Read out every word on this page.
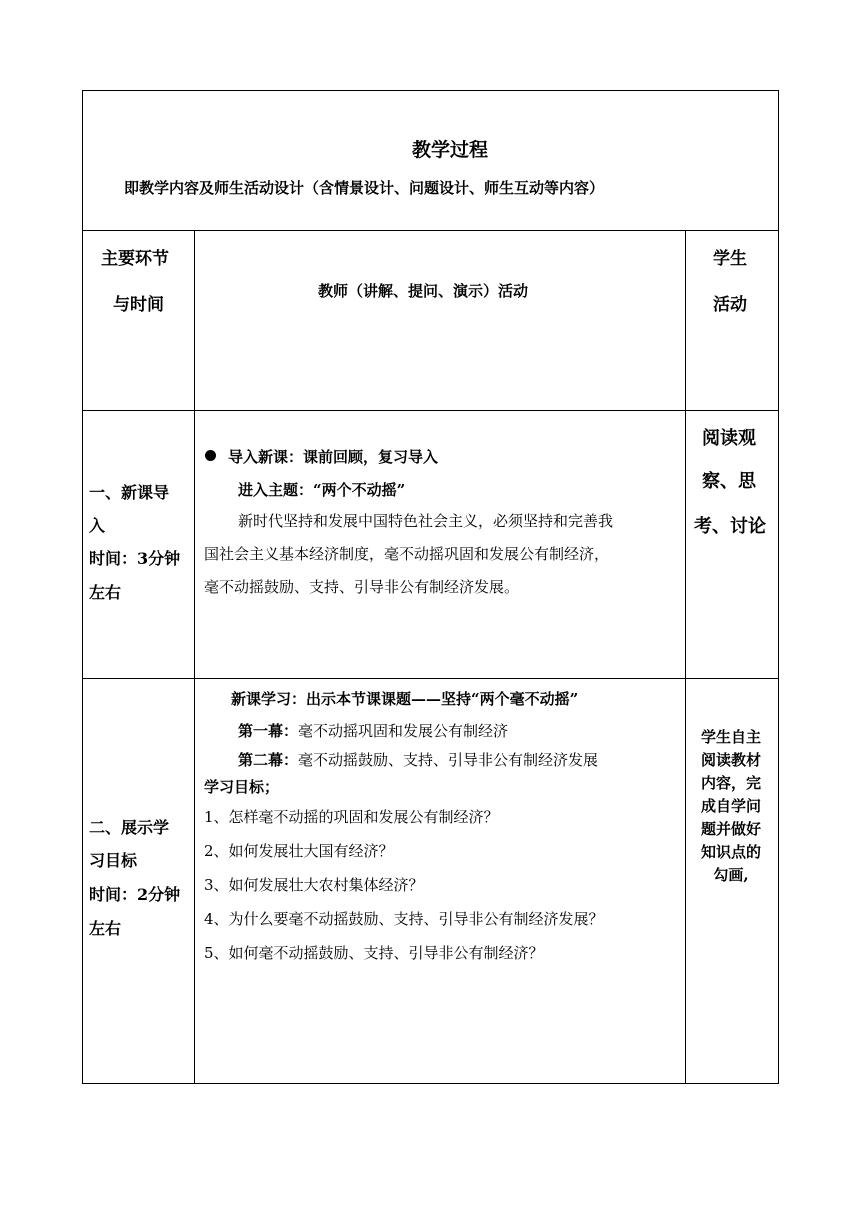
教学过程
即教学内容及师生活动设计（含情景设计、问题设计、师生互动等内容）
主要环节
与时间
教师（讲解、提问、演示）活动
学生
活动
一、新课导
入
时间：3分钟
左右
导入新课：课前回顾，复习导入
进入主题：“两个不动摇”
新时代坚持和发展中国特色社会主义，必须坚持和完善我
国社会主义基本经济制度，毫不动摇巩固和发展公有制经济，
毫不动摇鼓励、支持、引导非公有制经济发展。
阅读观
察、思
考、讨论
二、展示学
习目标
时间：2分钟
左右
新课学习：出示本节课课题——坚持“两个毫不动摇”
第一幕：毫不动摇巩固和发展公有制经济
第二幕：毫不动摇鼓励、支持、引导非公有制经济发展
学习目标；
1、怎样毫不动摇的巩固和发展公有制经济？
2、如何发展壮大国有经济？
3、如何发展壮大农村集体经济？
4、为什么要毫不动摇鼓励、支持、引导非公有制经济发展？
5、如何毫不动摇鼓励、支持、引导非公有制经济？
学生自主
阅读教材
内容，完
成自学问
题并做好
知识点的
勾画,
